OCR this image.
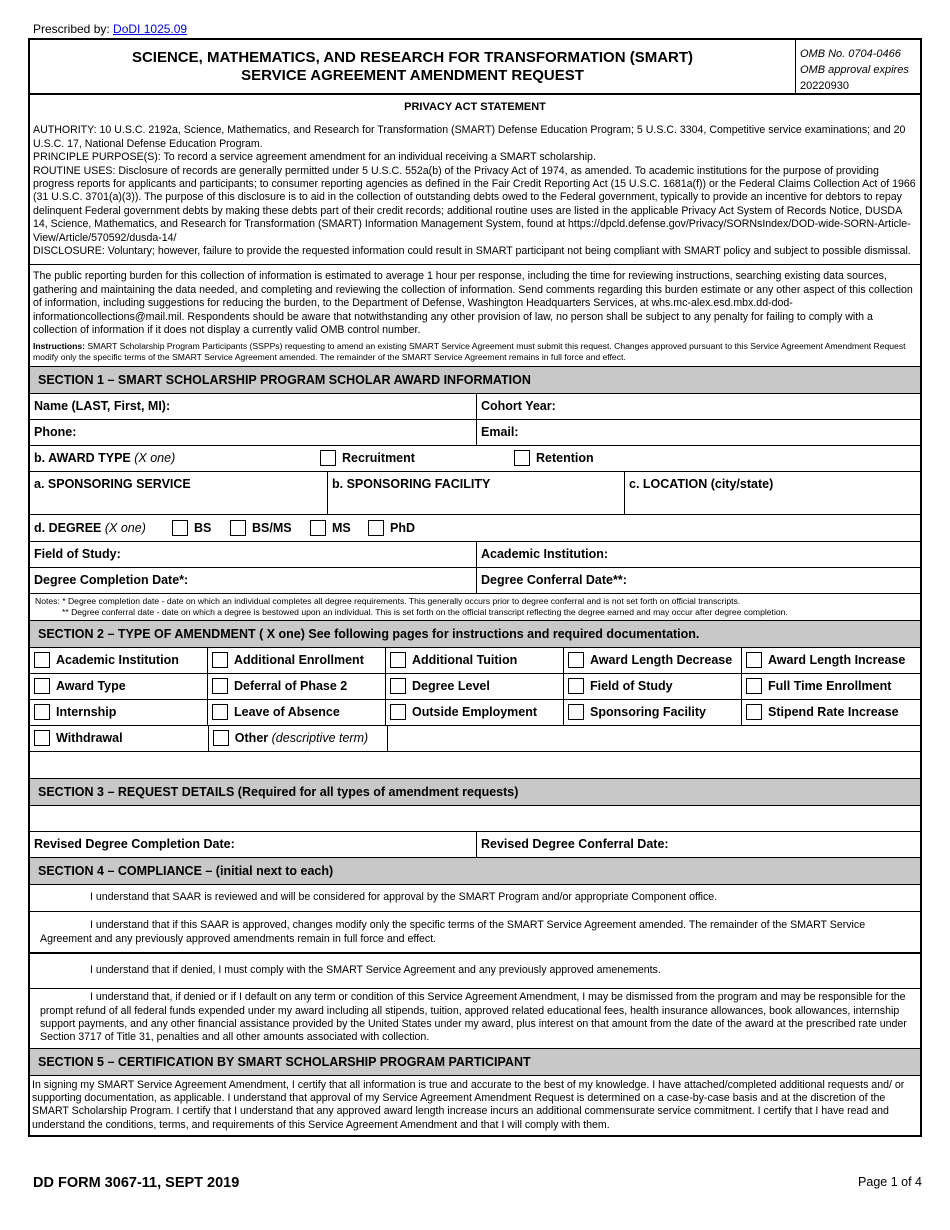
Prescribed by: DoDI 1025.09
SCIENCE, MATHEMATICS, AND RESEARCH FOR TRANSFORMATION (SMART)
SERVICE AGREEMENT AMENDMENT REQUEST
OMB No. 0704-0466
OMB approval expires
20220930
PRIVACY ACT STATEMENT
AUTHORITY: 10 U.S.C. 2192a, Science, Mathematics, and Research for Transformation (SMART) Defense Education Program; 5 U.S.C. 3304, Competitive service examinations; and 20 U.S.C. 17, National Defense Education Program.
PRINCIPLE PURPOSE(S): To record a service agreement amendment for an individual receiving a SMART scholarship.
ROUTINE USES: Disclosure of records are generally permitted under 5 U.S.C. 552a(b) of the Privacy Act of 1974, as amended. To academic institutions for the purpose of providing progress reports for applicants and participants; to consumer reporting agencies as defined in the Fair Credit Reporting Act (15 U.S.C. 1681a(f)) or the Federal Claims Collection Act of 1966 (31 U.S.C. 3701(a)(3)). The purpose of this disclosure is to aid in the collection of outstanding debts owed to the Federal government, typically to provide an incentive for debtors to repay delinquent Federal government debts by making these debts part of their credit records; additional routine uses are listed in the applicable Privacy Act System of Records Notice, DUSDA 14, Science, Mathematics, and Research for Transformation (SMART) Information Management System, found at https://dpcld.defense.gov/Privacy/SORNsIndex/DOD-wide-SORN-Article-View/Article/570592/dusda-14/
DISCLOSURE: Voluntary; however, failure to provide the requested information could result in SMART participant not being compliant with SMART policy and subject to possible dismissal.
The public reporting burden for this collection of information is estimated to average 1 hour per response, including the time for reviewing instructions, searching existing data sources, gathering and maintaining the data needed, and completing and reviewing the collection of information. Send comments regarding this burden estimate or any other aspect of this collection of information, including suggestions for reducing the burden, to the Department of Defense, Washington Headquarters Services, at whs.mc-alex.esd.mbx.dd-dod-informationcollections@mail.mil. Respondents should be aware that notwithstanding any other provision of law, no person shall be subject to any penalty for failing to comply with a collection of information if it does not display a currently valid OMB control number.
Instructions: SMART Scholarship Program Participants (SSPPs) requesting to amend an existing SMART Service Agreement must submit this request. Changes approved pursuant to this Service Agreement Amendment Request modify only the specific terms of the SMART Service Agreement amended. The remainder of the SMART Service Agreement remains in full force and effect.
SECTION 1 – SMART SCHOLARSHIP PROGRAM SCHOLAR AWARD INFORMATION
Name (LAST, First, MI):	Cohort Year:
Phone:	Email:
b. AWARD TYPE (X one)	Recruitment	Retention
a. SPONSORING SERVICE	b. SPONSORING FACILITY	c. LOCATION (city/state)
d. DEGREE (X one)	BS	BS/MS	MS	PhD
Field of Study:	Academic Institution:
Degree Completion Date*:	Degree Conferral Date**:
Notes: * Degree completion date - date on which an individual completes all degree requirements. This generally occurs prior to degree conferral and is not set forth on official transcripts.
** Degree conferral date - date on which a degree is bestowed upon an individual. This is set forth on the official transcript reflecting the degree earned and may occur after degree completion.
SECTION 2 – TYPE OF AMENDMENT ( X one) See following pages for instructions and required documentation.
Academic Institution	Additional Enrollment	Additional Tuition	Award Length Decrease	Award Length Increase
Award Type	Deferral of Phase 2	Degree Level	Field of Study	Full Time Enrollment
Internship	Leave of Absence	Outside Employment	Sponsoring Facility	Stipend Rate Increase
Withdrawal	Other (descriptive term)
SECTION 3 – REQUEST DETAILS (Required for all types of amendment requests)
Revised Degree Completion Date:	Revised Degree Conferral Date:
SECTION 4 – COMPLIANCE – (initial next to each)

I understand that SAAR is reviewed and will be considered for approval by the SMART Program and/or appropriate Component office.

I understand that if this SAAR is approved, changes modify only the specific terms of the SMART Service Agreement amended. The remainder of the SMART Service Agreement and any previously approved amendments remain in full force and effect.

I understand that if denied, I must comply with the SMART Service Agreement and any previously approved amenements.

I understand that, if denied or if I default on any term or condition of this Service Agreement Amendment, I may be dismissed from the program and may be responsible for the prompt refund of all federal funds expended under my award including all stipends, tuition, approved related educational fees, health insurance allowances, book allowances, internship support payments, and any other financial assistance provided by the United States under my award, plus interest on that amount from the date of the award at the prescribed rate under Section 3717 of Title 31, penalties and all other amounts associated with collection.

SECTION 5 – CERTIFICATION BY SMART SCHOLARSHIP PROGRAM PARTICIPANT
In signing my SMART Service Agreement Amendment, I certify that all information is true and accurate to the best of my knowledge. I have attached/completed additional requests and/ or supporting documentation, as applicable. I understand that approval of my Service Agreement Amendment Request is determined on a case-by-case basis and at the discretion of the SMART Scholarship Program. I certify that I understand that any approved award length increase incurs an additional commensurate service commitment. I certify that I have read and understand the conditions, terms, and requirements of this Service Agreement Amendment and that I will comply with them.
DD FORM 3067-11, SEPT 2019	Page 1 of 4
